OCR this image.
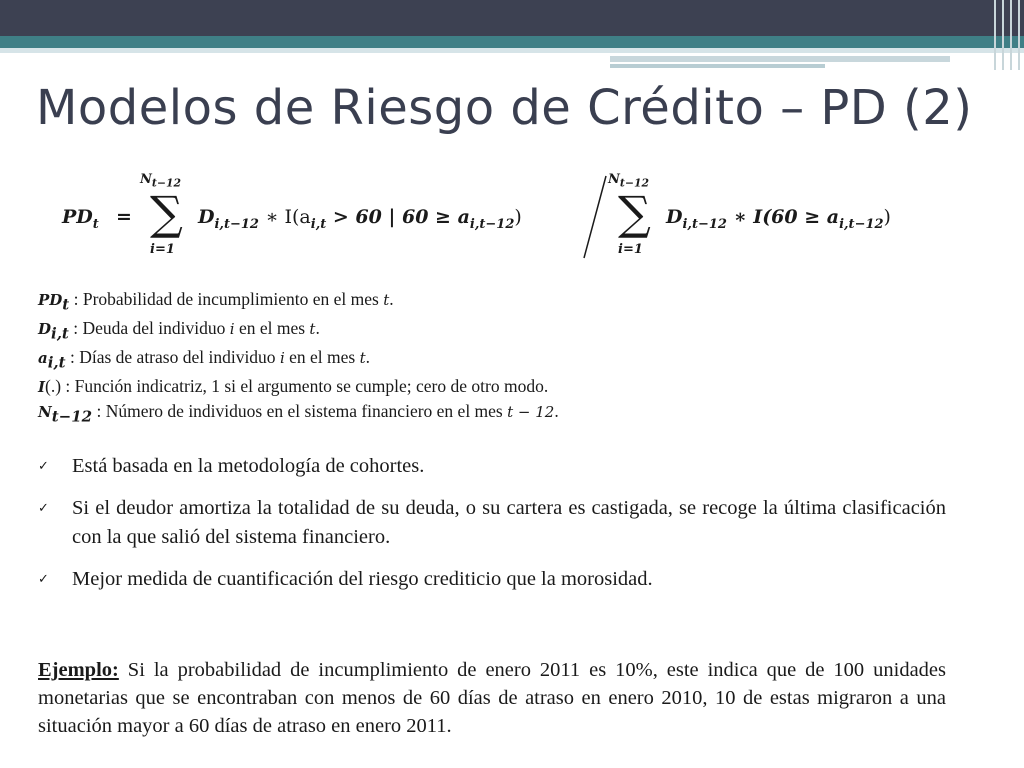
Modelos de Riesgo de Crédito – PD (2)
$PD_t$ =
$N_{t-12}$
∑
i=1
$D_{i,t-12}$ ∗ $I(a_{i,t} > 60$ | $60 \ge a_{i,t-12}$)
$N_{t-12}$
∑
i=1
$D_{i,t-12}$ ∗ $I(60 \ge a_{i,t-12})$
$PD_t$ : Probabilidad de incumplimiento en el mes t.
$D_{i,t}$ : Deuda del individuo i en el mes t.
$a_{i,t}$ : Días de atraso del individuo i en el mes t.
I(.) : Función indicatriz, 1 si el argumento se cumple; cero de otro modo.
$N_{t-12}$ : Número de individuos en el sistema financiero en el mes t − 12.
✓ Está basada en la metodología de cohortes.
✓ Si el deudor amortiza la totalidad de su deuda, o su cartera es castigada, se recoge la última clasificación con la que salió del sistema financiero.
✓ Mejor medida de cuantificación del riesgo crediticio que la morosidad.

Ejemplo: Si la probabilidad de incumplimiento de enero 2011 es 10%, este indica que de 100 unidades monetarias que se encontraban con menos de 60 días de atraso en enero 2010, 10 de estas migraron a una situación mayor a 60 días de atraso en enero 2011.
